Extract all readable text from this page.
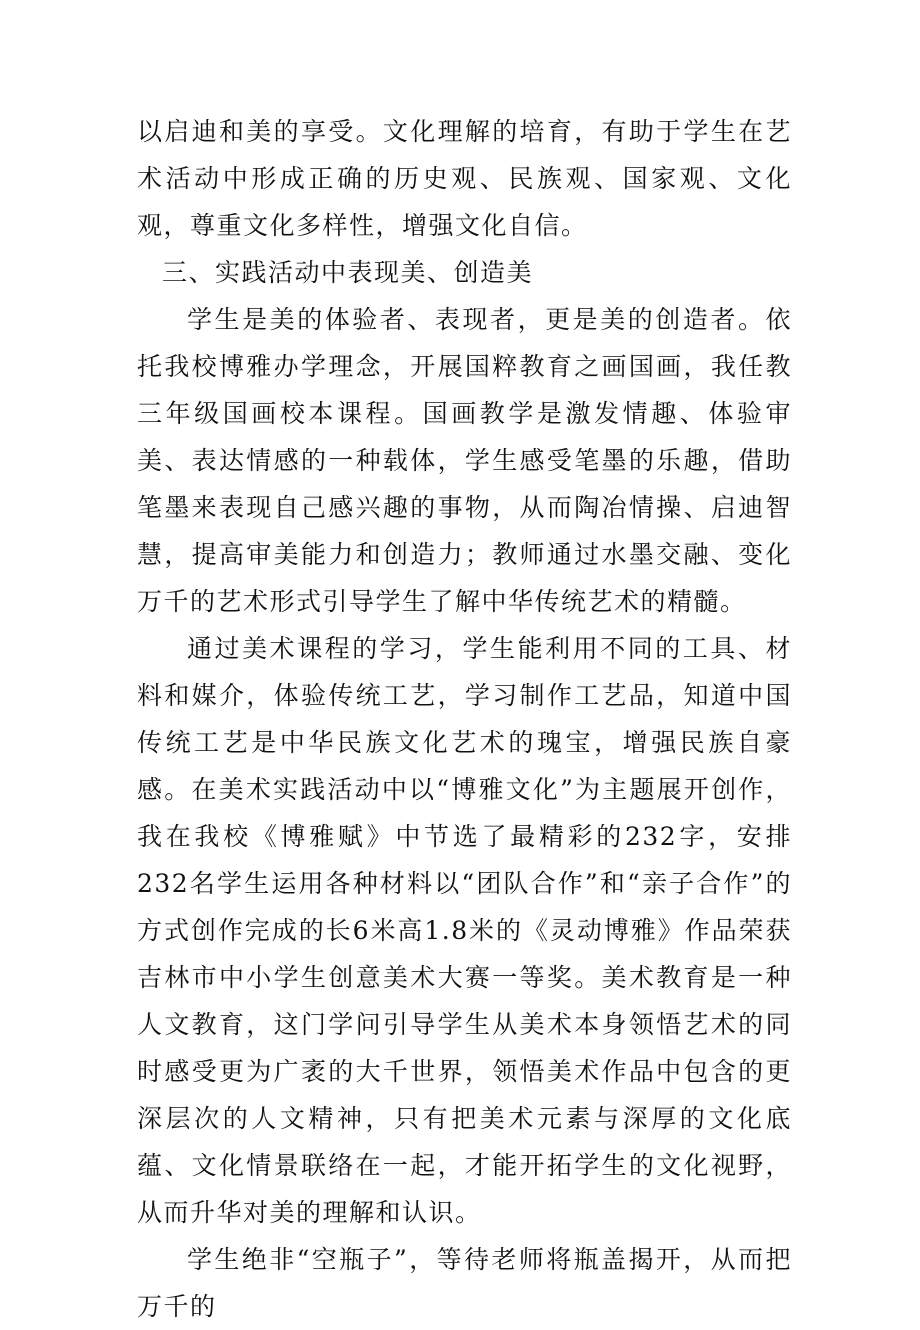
以启迪和美的享受。文化理解的培育，有助于学生在艺术活动中形成正确的历史观、民族观、国家观、文化观，尊重文化多样性，增强文化自信。

三、实践活动中表现美、创造美

学生是美的体验者、表现者，更是美的创造者。依托我校博雅办学理念，开展国粹教育之画国画，我任教三年级国画校本课程。国画教学是激发情趣、体验审美、表达情感的一种载体，学生感受笔墨的乐趣，借助笔墨来表现自己感兴趣的事物，从而陶冶情操、启迪智慧，提高审美能力和创造力；教师通过水墨交融、变化万千的艺术形式引导学生了解中华传统艺术的精髓。

通过美术课程的学习，学生能利用不同的工具、材料和媒介，体验传统工艺，学习制作工艺品，知道中国传统工艺是中华民族文化艺术的瑰宝，增强民族自豪感。在美术实践活动中以“博雅文化”为主题展开创作，我在我校《博雅赋》中节选了最精彩的232字，安排232名学生运用各种材料以“团队合作”和“亲子合作”的方式创作完成的长6米高1.8米的《灵动博雅》作品荣获吉林市中小学生创意美术大赛一等奖。美术教育是一种人文教育，这门学问引导学生从美术本身领悟艺术的同时感受更为广袤的大千世界，领悟美术作品中包含的更深层次的人文精神，只有把美术元素与深厚的文化底蕴、文化情景联络在一起，才能开拓学生的文化视野，从而升华对美的理解和认识。

学生绝非“空瓶子”，等待老师将瓶盖揭开，从而把万千的
